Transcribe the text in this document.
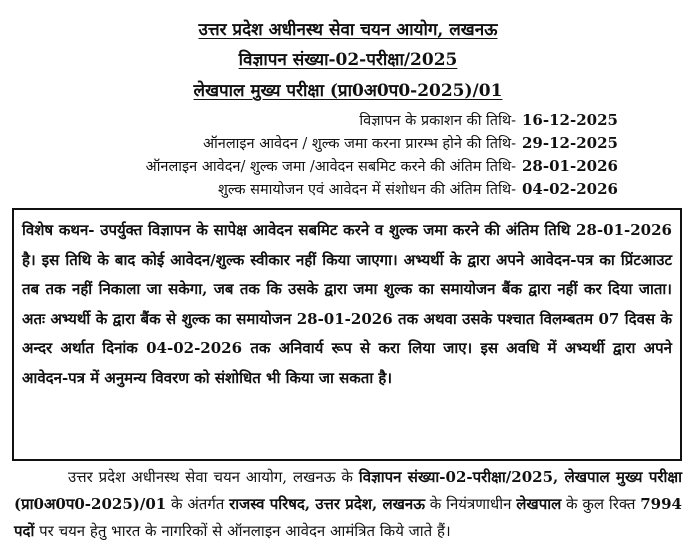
उत्तर प्रदेश अधीनस्थ सेवा चयन आयोग, लखनऊ
विज्ञापन संख्या-02-परीक्षा/2025
लेखपाल मुख्य परीक्षा (प्रा0अ0प0-2025)/01
विज्ञापन के प्रकाशन की तिथि- 16-12-2025
ऑनलाइन आवेदन / शुल्क जमा करना प्रारम्भ होने की तिथि- 29-12-2025
ऑनलाइन आवेदन/ शुल्क जमा /आवेदन सबमिट करने की अंतिम तिथि- 28-01-2026
शुल्क समायोजन एवं आवेदन में संशोधन की अंतिम तिथि- 04-02-2026
विशेष कथन- उपर्युक्त विज्ञापन के सापेक्ष आवेदन सबमिट करने व शुल्क जमा करने की अंतिम तिथि 28-01-2026 है। इस तिथि के बाद कोई आवेदन/शुल्क स्वीकार नहीं किया जाएगा। अभ्यर्थी के द्वारा अपने आवेदन-पत्र का प्रिंटआउट तब तक नहीं निकाला जा सकेगा, जब तक कि उसके द्वारा जमा शुल्क का समायोजन बैंक द्वारा नहीं कर दिया जाता। अतः अभ्यर्थी के द्वारा बैंक से शुल्क का समायोजन 28-01-2026 तक अथवा उसके पश्चात विलम्बतम 07 दिवस के अन्दर अर्थात दिनांक 04-02-2026 तक अनिवार्य रूप से करा लिया जाए। इस अवधि में अभ्यर्थी द्वारा अपने आवेदन-पत्र में अनुमन्य विवरण को संशोधित भी किया जा सकता है।
उत्तर प्रदेश अधीनस्थ सेवा चयन आयोग, लखनऊ के विज्ञापन संख्या-02-परीक्षा/2025, लेखपाल मुख्य परीक्षा (प्रा0अ0प0-2025)/01 के अंतर्गत राजस्व परिषद, उत्तर प्रदेश, लखनऊ के नियंत्रणाधीन लेखपाल के कुल रिक्त 7994 पदों पर चयन हेतु भारत के नागरिकों से ऑनलाइन आवेदन आमंत्रित किये जाते हैं।
